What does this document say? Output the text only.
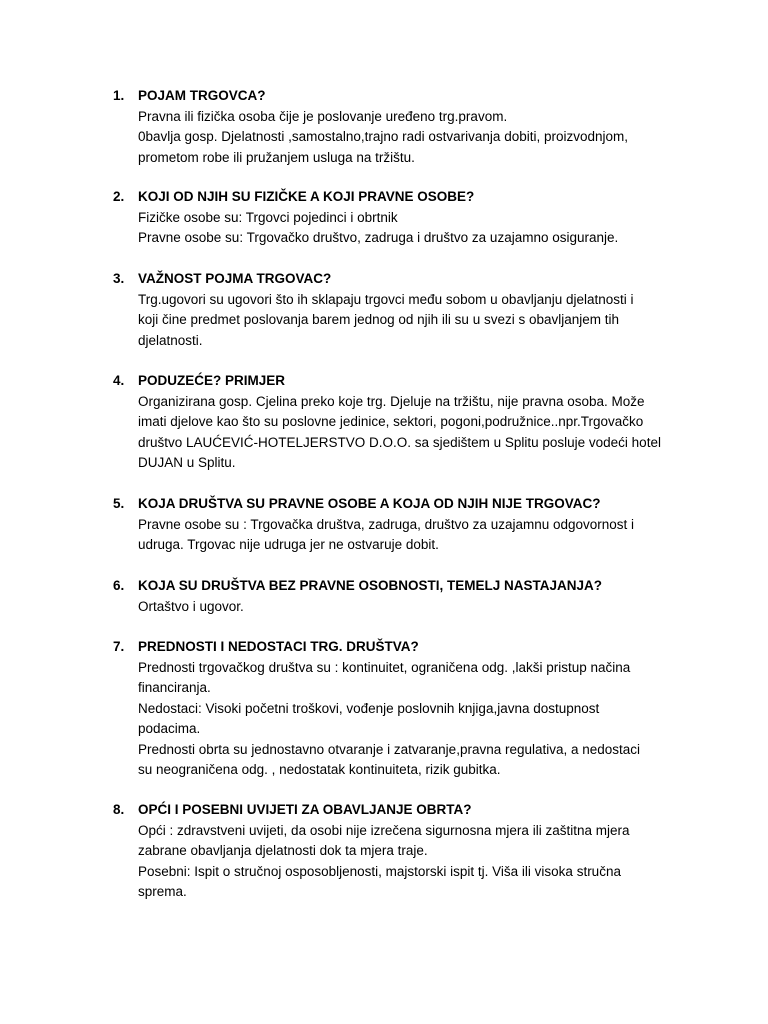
1. POJAM TRGOVCA?
Pravna ili fizička osoba čije je poslovanje uređeno trg.pravom.
0bavlja gosp. Djelatnosti ,samostalno,trajno radi ostvarivanja dobiti, proizvodnjom,
prometom robe ili pružanjem usluga na tržištu.
2. KOJI OD NJIH SU FIZIČKE A KOJI PRAVNE OSOBE?
Fizičke osobe su: Trgovci pojedinci i obrtnik
Pravne osobe su: Trgovačko društvo, zadruga i društvo za uzajamno osiguranje.
3. VAŽNOST POJMA TRGOVAC?
Trg.ugovori su ugovori što ih sklapaju trgovci među sobom u obavljanju djelatnosti i
koji čine predmet poslovanja barem jednog od njih ili su u svezi s obavljanjem tih
djelatnosti.
4. PODUZEĆE? PRIMJER
Organizirana gosp. Cjelina preko koje trg. Djeluje na tržištu, nije pravna osoba. Može
imati djelove kao što su poslovne jedinice, sektori, pogoni,podružnice..npr.Trgovačko
društvo LAUĆEVIĆ-HOTELJERSTVO D.O.O. sa sjedištem u Splitu posluje vodeći hotel
DUJAN u Splitu.
5. KOJA DRUŠTVA SU PRAVNE OSOBE A KOJA OD NJIH NIJE TRGOVAC?
Pravne osobe su : Trgovačka društva, zadruga, društvo za uzajamnu odgovornost i
udruga. Trgovac nije udruga jer ne ostvaruje dobit.
6. KOJA SU DRUŠTVA BEZ PRAVNE OSOBNOSTI, TEMELJ NASTAJANJA?
Ortaštvo i ugovor.
7. PREDNOSTI I NEDOSTACI TRG. DRUŠTVA?
Prednosti trgovačkog društva su : kontinuitet, ograničena odg. ,lakši pristup načina
financiranja.
Nedostaci: Visoki početni troškovi, vođenje poslovnih knjiga,javna dostupnost
podacima.
Prednosti obrta su jednostavno otvaranje i zatvaranje,pravna regulativa, a nedostaci
su neograničena odg. , nedostatak kontinuiteta, rizik gubitka.
8. OPĆI I POSEBNI UVIJETI ZA OBAVLJANJE OBRTA?
Opći : zdravstveni uvijeti, da osobi nije izrečena sigurnosna mjera ili zaštitna mjera
zabrane obavljanja djelatnosti dok ta mjera traje.
Posebni: Ispit o stručnoj osposobljenosti, majstorski ispit tj. Viša ili visoka stručna
sprema.
